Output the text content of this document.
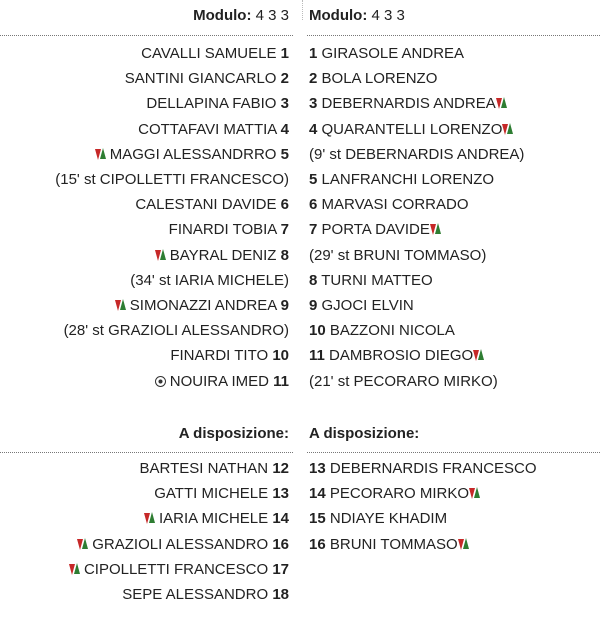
Modulo: 4 3 3
CAVALLI SAMUELE 1
SANTINI GIANCARLO 2
DELLAPINA FABIO 3
COTTAFAVI MATTIA 4
MAGGI ALESSANDRRO 5
(15' st CIPOLLETTI FRANCESCO)
CALESTANI DAVIDE 6
FINARDI TOBIA 7
BAYRAL DENIZ 8
(34' st IARIA MICHELE)
SIMONAZZI ANDREA 9
(28' st GRAZIOLI ALESSANDRO)
FINARDI TITO 10
NOUIRA IMED 11
A disposizione:
BARTESI NATHAN 12
GATTI MICHELE 13
IARIA MICHELE 14
GRAZIOLI ALESSANDRO 16
CIPOLLETTI FRANCESCO 17
SEPE ALESSANDRO 18
Modulo: 4 3 3
1 GIRASOLE ANDREA
2 BOLA LORENZO
3 DEBERNARDIS ANDREA
4 QUARANTELLI LORENZO
(9' st DEBERNARDIS ANDREA)
5 LANFRANCHI LORENZO
6 MARVASI CORRADO
7 PORTA DAVIDE
(29' st BRUNI TOMMASO)
8 TURNI MATTEO
9 GJOCI ELVIN
10 BAZZONI NICOLA
11 DAMBROSIO DIEGO
(21' st PECORARO MIRKO)
A disposizione:
13 DEBERNARDIS FRANCESCO
14 PECORARO MIRKO
15 NDIAYE KHADIM
16 BRUNI TOMMASO
